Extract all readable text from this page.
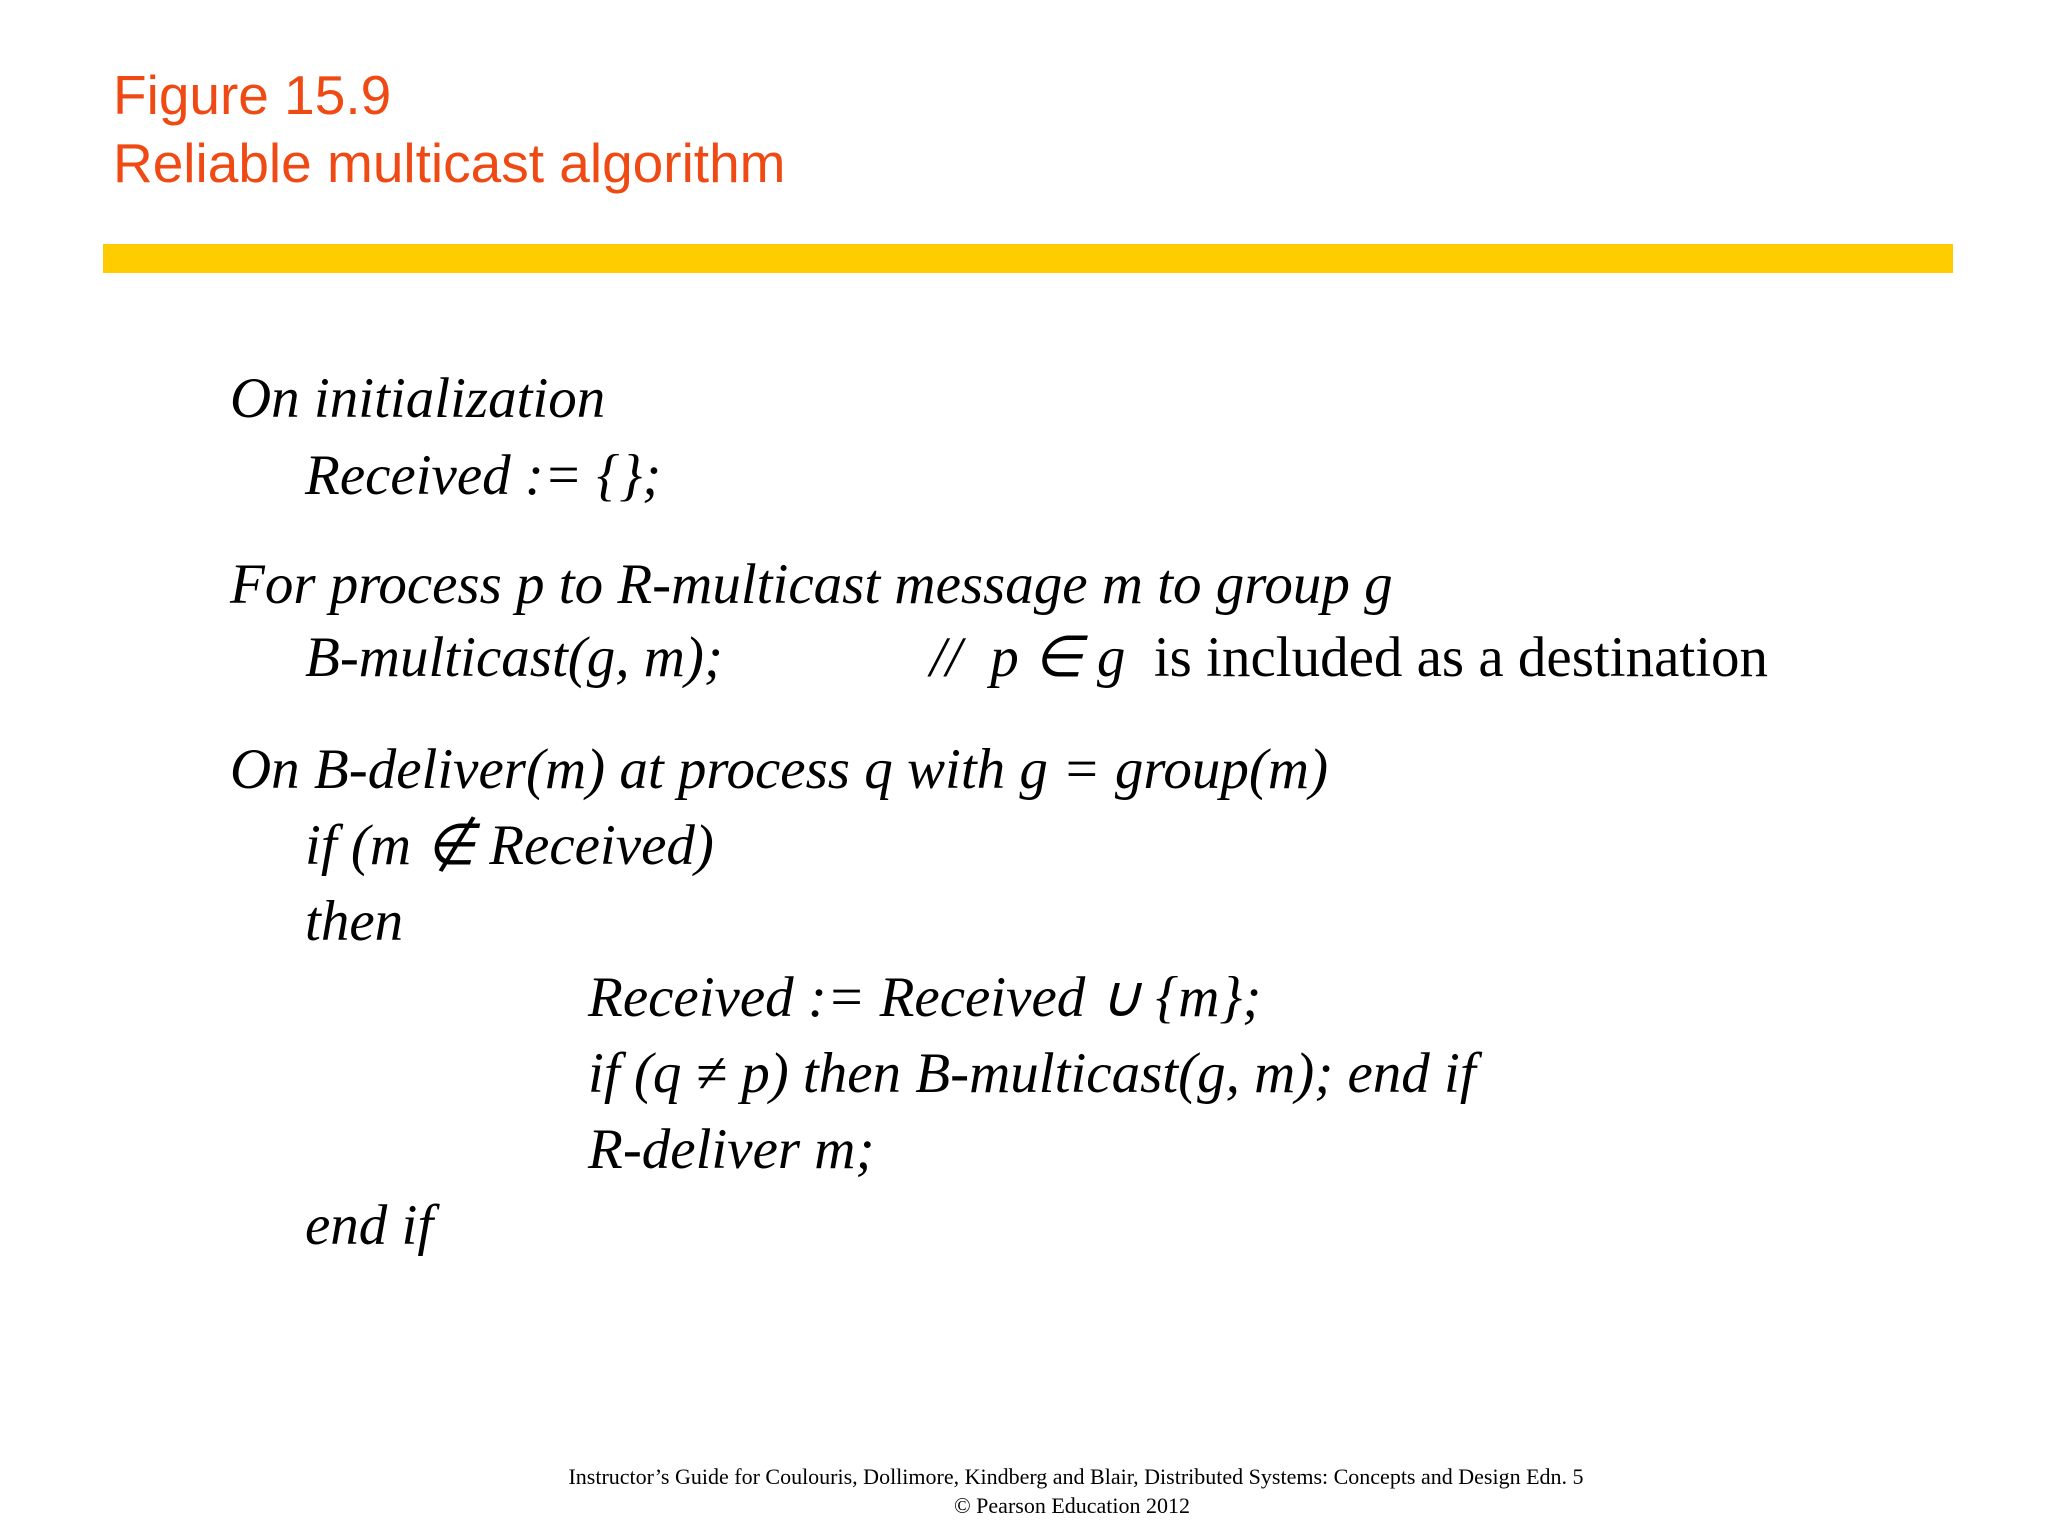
Figure 15.9
Reliable multicast algorithm
On initialization
Received := {};
For process p to R-multicast message m to group g
B-multicast(g, m);	// p ∈ g is included as a destination
On B-deliver(m) at process q with g = group(m)
if (m ∉ Received)
then
Received := Received ∪ {m};
if (q ≠ p) then B-multicast(g, m); end if
R-deliver m;
end if
Instructor’s Guide for Coulouris, Dollimore, Kindberg and Blair, Distributed Systems: Concepts and Design Edn. 5
© Pearson Education 2012
